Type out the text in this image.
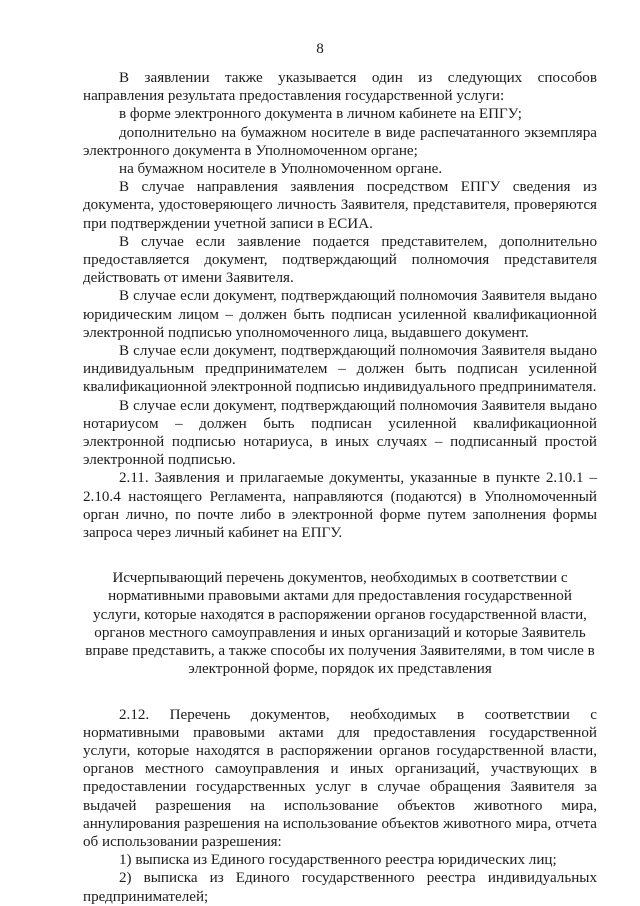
8

В заявлении также указывается один из следующих способов направления результата предоставления государственной услуги:

в форме электронного документа в личном кабинете на ЕПГУ;

дополнительно на бумажном носителе в виде распечатанного экземпляра электронного документа в Уполномоченном органе;

на бумажном носителе в Уполномоченном органе.

В случае направления заявления посредством ЕПГУ сведения из документа, удостоверяющего личность Заявителя, представителя, проверяются при подтверждении учетной записи в ЕСИА.

В случае если заявление подается представителем, дополнительно предоставляется документ, подтверждающий полномочия представителя действовать от имени Заявителя.

В случае если документ, подтверждающий полномочия Заявителя выдано юридическим лицом – должен быть подписан усиленной квалификационной электронной подписью уполномоченного лица, выдавшего документ.

В случае если документ, подтверждающий полномочия Заявителя выдано индивидуальным предпринимателем – должен быть подписан усиленной квалификационной электронной подписью индивидуального предпринимателя.

В случае если документ, подтверждающий полномочия Заявителя выдано нотариусом – должен быть подписан усиленной квалификационной электронной подписью нотариуса, в иных случаях – подписанный простой электронной подписью.

2.11. Заявления и прилагаемые документы, указанные в пункте 2.10.1 – 2.10.4 настоящего Регламента, направляются (подаются) в Уполномоченный орган лично, по почте либо в электронной форме путем заполнения формы запроса через личный кабинет на ЕПГУ.

Исчерпывающий перечень документов, необходимых в соответствии с нормативными правовыми актами для предоставления государственной услуги, которые находятся в распоряжении органов государственной власти, органов местного самоуправления и иных организаций и которые Заявитель вправе представить, а также способы их получения Заявителями, в том числе в электронной форме, порядок их представления

2.12. Перечень документов, необходимых в соответствии с нормативными правовыми актами для предоставления государственной услуги, которые находятся в распоряжении органов государственной власти, органов местного самоуправления и иных организаций, участвующих в предоставлении государственных услуг в случае обращения Заявителя за выдачей разрешения на использование объектов животного мира, аннулирования разрешения на использование объектов животного мира, отчета об использовании разрешения:

1) выписка из Единого государственного реестра юридических лиц;

2) выписка из Единого государственного реестра индивидуальных предпринимателей;
